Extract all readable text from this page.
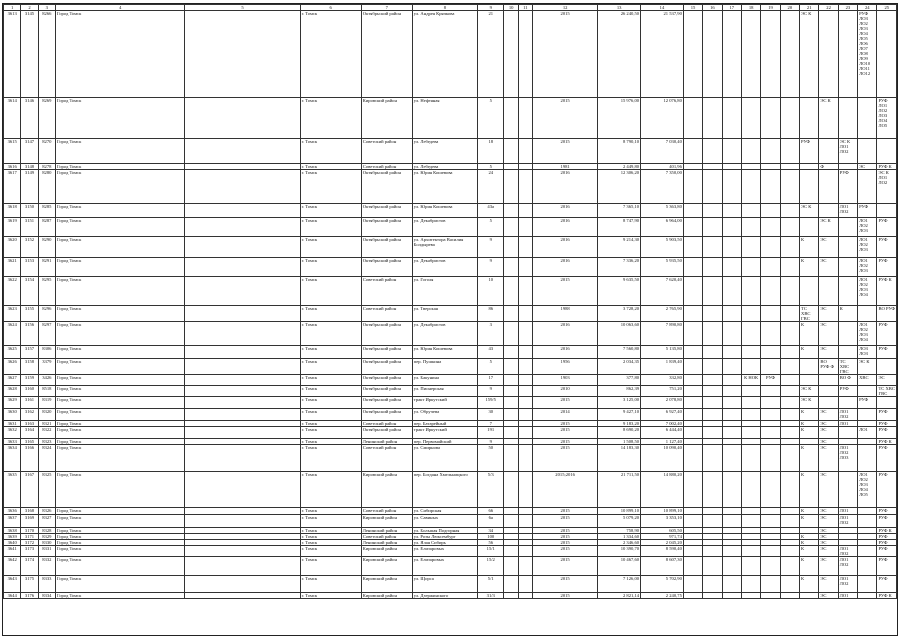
1	2	3	4	5	6	7	8	9	10	11	12	13	14	15	16	17	18	19	20	21	22	23	24	25
3613	3145	8266	Город Томск		г. Томск	Октябрьский район	ул. Андрея Крячкова	21			2015	26 240,50	21 537,90							ЭС К			РУФ ЛОЗ ЛО2 ЛО3 ЛО4 ЛО5 ЛО6 ЛО7 ЛО8 ЛО9 ЛО10 ЛО11 ЛО12	
3614	3146	8269	Город Томск		г. Томск	Кировский район	ул. Нефтяная	5			2015	15 976,00	12 076,80								ЭС К			РУФ ЛО1 ЛО2 ЛО3 ЛО4 ЛО5
3615	3147	8270	Город Томск		г. Томск	Советский район	ул. Лебедева	18			2015	8 790,10	7 030,40							РУФ		ЭС К ЛО1 ЛО2		
3616	3148	8278	Город Томск		г. Томск	Советский район	ул. Лебедева	5			1981	2 449,80	401,96								Ф		ЭС	РУФ К
3617	3149	8280	Город Томск		г. Томск	Октябрьский район	ул. Юрия Кошевова	24			2016	12 306,20	7 350,00									РУФ		ЭС К ЛО1 ЛО2
3618	3150	8285	Город Томск		г. Томск	Октябрьский район	ул. Юрия Кошевова	43а			2016	7 365,10	5 363,80							ЭС К		ЛО1 ЛО2	РУФ	
3619	3151	8287	Город Томск		г. Томск	Октябрьский район	ул. Декабристов	5			2016	8 747,90	6 964,00								ЭС К		ЛО1 ЛО2 ЛО3	РУФ
3620	3152	8290	Город Томск		г. Томск	Октябрьский район	ул. Архитектора Василия Болдырева	9			2016	9 214,30	5 903,50							К	ЭС		ЛО1 ЛО2 ЛО3	РУФ
3621	3153	8291	Город Томск		г. Томск	Октябрьский район	ул. Декабристов	9			2016	7 336,20	5 935,50							К	ЭС		ЛО1 ЛО2 ЛО3	РУФ
3622	3154	8295	Город Томск		г. Томск	Советский район	ул. Гоголя	10			2015	9 635,50	7 620,40										ЛО1 ЛО2 ЛО3 ЛО4	РУФ К
3623	3155	8296	Город Томск		г. Томск	Советский район	ул. Тверская	86			1988	3 728,20	2 765,90							ТС ХВС ГВС	ЭС	К		ВО РУФ
3624	3156	8297	Город Томск		г. Томск	Октябрьский район	ул. Декабристов	3			2016	10 063,60	7 890,80							К	ЭС		ЛО1 ЛО2 ЛО3 ЛО4	РУФ
3625	3157	8306	Город Томск		г. Томск	Октябрьский район	ул. Юрия Кошевова	43			2016	7 560,80	5 135,80							К	ЭС		ЛОЗ ЛОЗ	РУФ
3626	3158	3379	Город Томск		г. Томск	Октябрьский район	пер. Пушкина	5			1956	2 034,35	1 839,40								ВО РУФ Ф	ТС ХВС ГВС	ЭС К	
3627	3159	3426	Город Томск		г. Томск	Октябрьский район	ул. Бакунина	17			1903	377,80	332,80				К НОК	РУФ				ВО Ф	ХВС	ЭС
3628	3160	8518	Город Томск		г. Томск	Октябрьский район	ул. Пионерская	9			2010	862,39	751,20							ЭС К		РУФ		ТС ХВС ГВС
3629	3161	8319	Город Томск		г. Томск	Октябрьский район	тракт Иркутский	159/5			2015	3 125,00	2 078,80							ЭС К			РУФ	
3630	3162	8320	Город Томск		г. Томск	Октябрьский район	ул. Обручева	30			2014	9 427,10	6 927,40							К	ЭС	ЛО1 ЛО2		РУФ
3631	3163	8321	Город Томск		г. Томск	Советский район	пер. Батарейный	7			2015	9 183,20	7 002,40							К	ЭС	ЛО1		РУФ
3632	3164	8322	Город Томск		г. Томск	Октябрьский район	тракт Иркутский	191			2015	8 690,20	6 444,40							К	ЭС		ЛО1	РУФ
3633	3165	8323	Город Томск		г. Томск	Ленинский район	пер. Первомайский	9			2015	1 508,50	1 127,40								ЭС			РУФ К
3634	3166	8324	Город Томск		г. Томск	Советский район	ул. Смирнова	50			2015	14 183,30	10 090,40							К	ЭС	ЛО1 ЛО2 ЛО3		РУФ
3635	3167	8325	Город Томск		г. Томск	Кировский район	пер. Богдана Хмельницкого	5/3			2015;2016	21 711,50	14 880,20							К	ЭС		ЛО1 ЛО2 ЛО3 ЛО4 ЛО5	РУФ
3636	3168	8326	Город Томск		г. Томск	Советский район	ул. Сибирская	66			2015	10 899,10	10 899,10							К	ЭС	ЛО1		РУФ
3637	3169	8327	Город Томск		г. Томск	Кировский район	ул. Савиных	6а			2015	5 079,20	3 353,10							К	ЭС	ЛО1 ЛО2		РУФ
3638	3170	8328	Город Томск		г. Томск	Ленинский район	ул. Большая Подгорная	34			2015	758,90	605,50								ЭС			РУФ К
3639	3171	8329	Город Томск		г. Томск	Советский район	ул. Розы Люксембург	100			2015	1 334,60	971,74							К	ЭС			РУФ
3640	3172	8330	Город Томск		г. Томск	Ленинский район	ул. Ялая Сибирь	56			2015	2 346,60	2 045,20							К	ЭС			РУФ
3641	3173	8331	Город Томск		г. Томск	Кировский район	ул. Елизаровых	15/1			2015	10 390,70	8 590,40							К	ЭС	ЛО1 ЛО2		РУФ
3642	3174	8332	Город Томск		г. Томск	Кировский район	ул. Елизаровых	15/2			2015	10 467,60	8 607,30							К	ЭС	ЛО1 ЛО2		РУФ
3643	3175	8333	Город Томск		г. Томск	Кировский район	ул. Щорса	5/1			2015	7 126,00	5 702,90							К	ЭС	ЛО1 ЛО2		РУФ
3644	3176	8334	Город Томск		г. Томск	Кировский район	ул. Дзержинского	31/3			2015	2 821,14	2 240,75								ЭС	ЛО1		РУФ К
